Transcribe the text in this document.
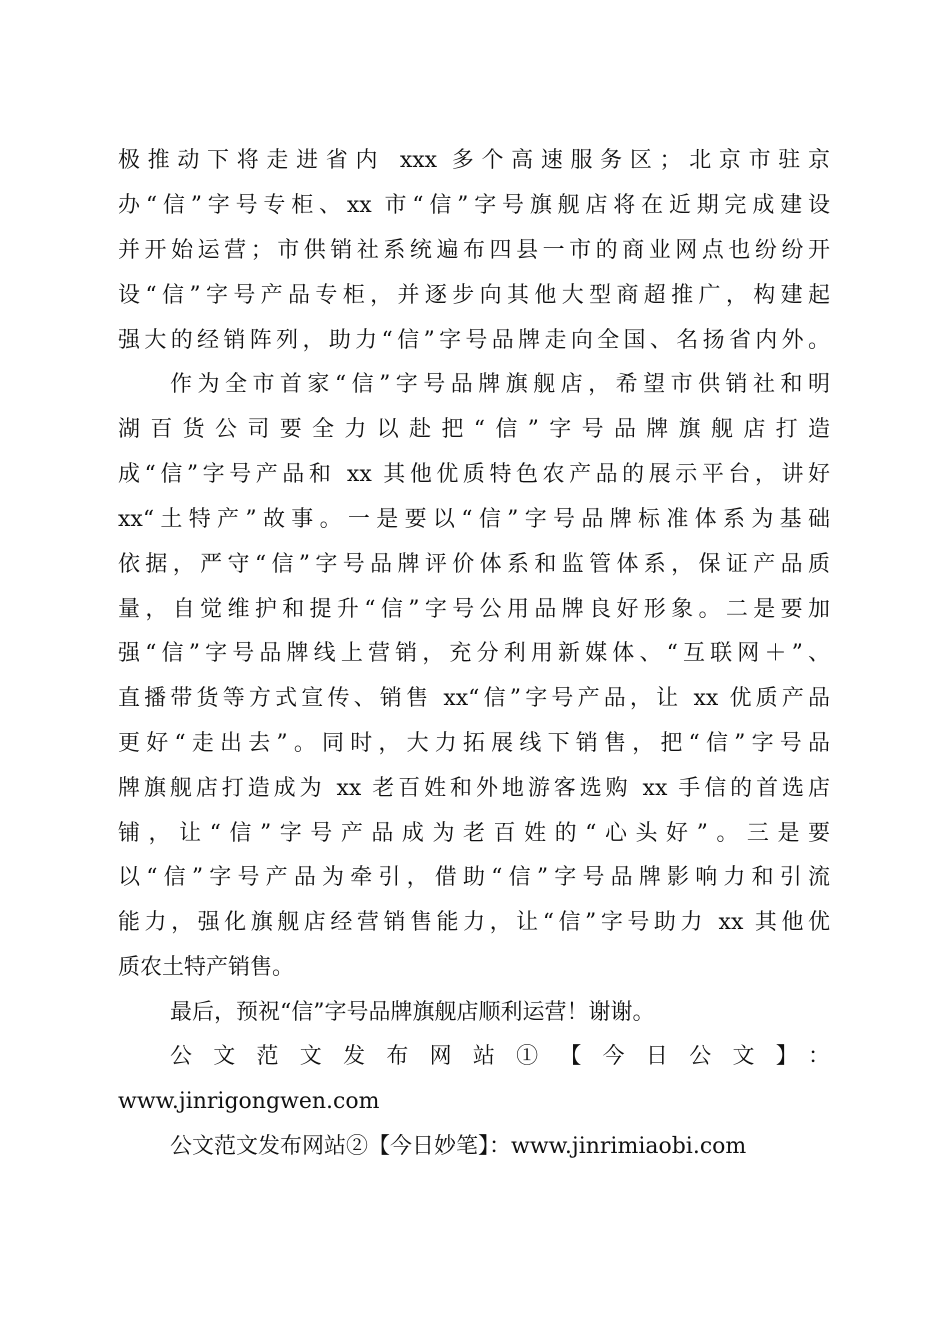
极推动下将走进省内 xxx 多个高速服务区；北京市驻京
办“信”字号专柜、xx 市“信”字号旗舰店将在近期完成建设
并开始运营；市供销社系统遍布四县一市的商业网点也纷纷开
设“信”字号产品专柜，并逐步向其他大型商超推广，构建起
强大的经销阵列，助力“信”字号品牌走向全国、名扬省内外。
作为全市首家“信”字号品牌旗舰店，希望市供销社和明
湖百货公司要全力以赴把“信”字号品牌旗舰店打造
成“信”字号产品和 xx 其他优质特色农产品的展示平台，讲好
xx“土特产”故事。一是要以“信”字号品牌标准体系为基础
依据，严守“信”字号品牌评价体系和监管体系，保证产品质
量，自觉维护和提升“信”字号公用品牌良好形象。二是要加
强“信”字号品牌线上营销，充分利用新媒体、“互联网＋”、
直播带货等方式宣传、销售 xx“信”字号产品，让 xx 优质产品
更好“走出去”。同时，大力拓展线下销售，把“信”字号品
牌旗舰店打造成为 xx 老百姓和外地游客选购 xx 手信的首选店
铺，让“信”字号产品成为老百姓的“心头好”。三是要
以“信”字号产品为牵引，借助“信”字号品牌影响力和引流
能力，强化旗舰店经营销售能力，让“信”字号助力 xx 其他优
质农土特产销售。
最后，预祝“信”字号品牌旗舰店顺利运营！谢谢。
公文范文发布网站①【今日公文】：
www.jinrigongwen.com
公文范文发布网站②【今日妙笔】：www.jinrimiaobi.com
